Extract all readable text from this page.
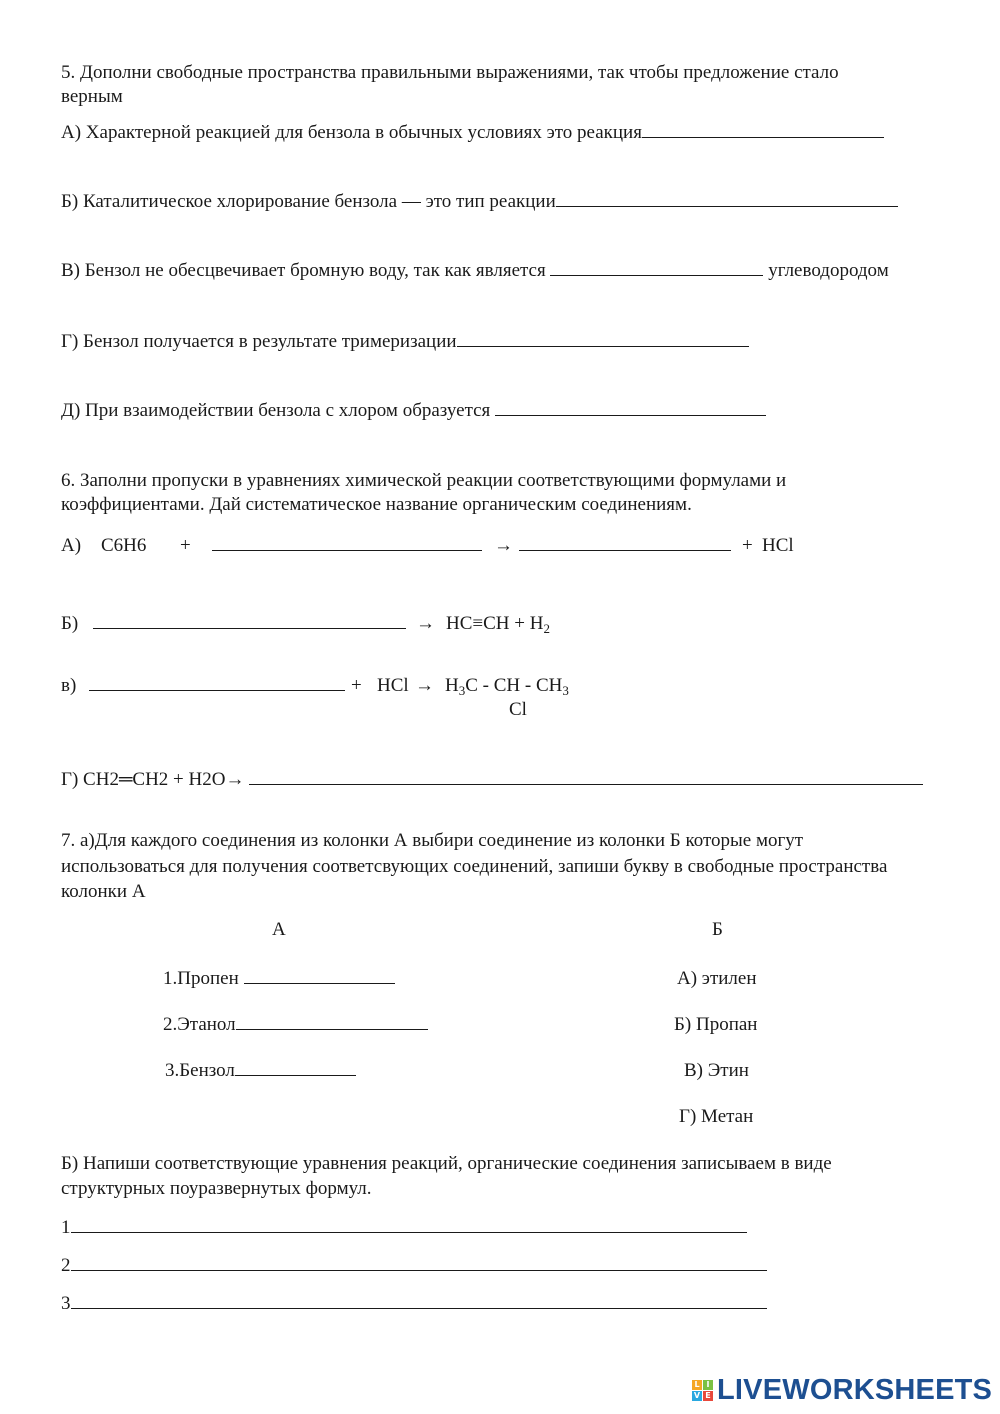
5. Дополни свободные пространства правильными выражениями, так чтобы предложение стало
верным
А) Характерной реакцией для бензола в обычных условиях это реакция
Б) Каталитическое хлорирование бензола — это тип реакции
В) Бензол не обесцвечивает бромную воду, так как является	углеводородом
Г) Бензол получается в результате тримеризации
Д) При взаимодействии бензола с хлором образуется
6. Заполни пропуски в уравнениях химической реакции соответствующими формулами и
коэффициентами. Дай систематическое название органическим соединениям.
А) C6H6 +	→	+ HCl
Б)	→ $HC\equiv CH + H_2$
в)	+ HCl → $H_3C$ - CH - $CH_3$
Cl
Г) CH2═CH2 + H2O→
7. а)Для каждого соединения из колонки А выбири соединение из колонки Б которые могут
использоваться для получения соответсвующих соединений, запиши букву в свободные пространства
колонки А
А	Б
1.Пропен
2.Этанол
3.Бензол
А) этилен
Б) Пропан
В) Этин
Г) Метан
Б) Напиши соответствующие уравнения реакций, органические соединения записываем в виде
структурных поуразвернутых формул.
1
2
3
L I
V E LIVEWORKSHEETS
